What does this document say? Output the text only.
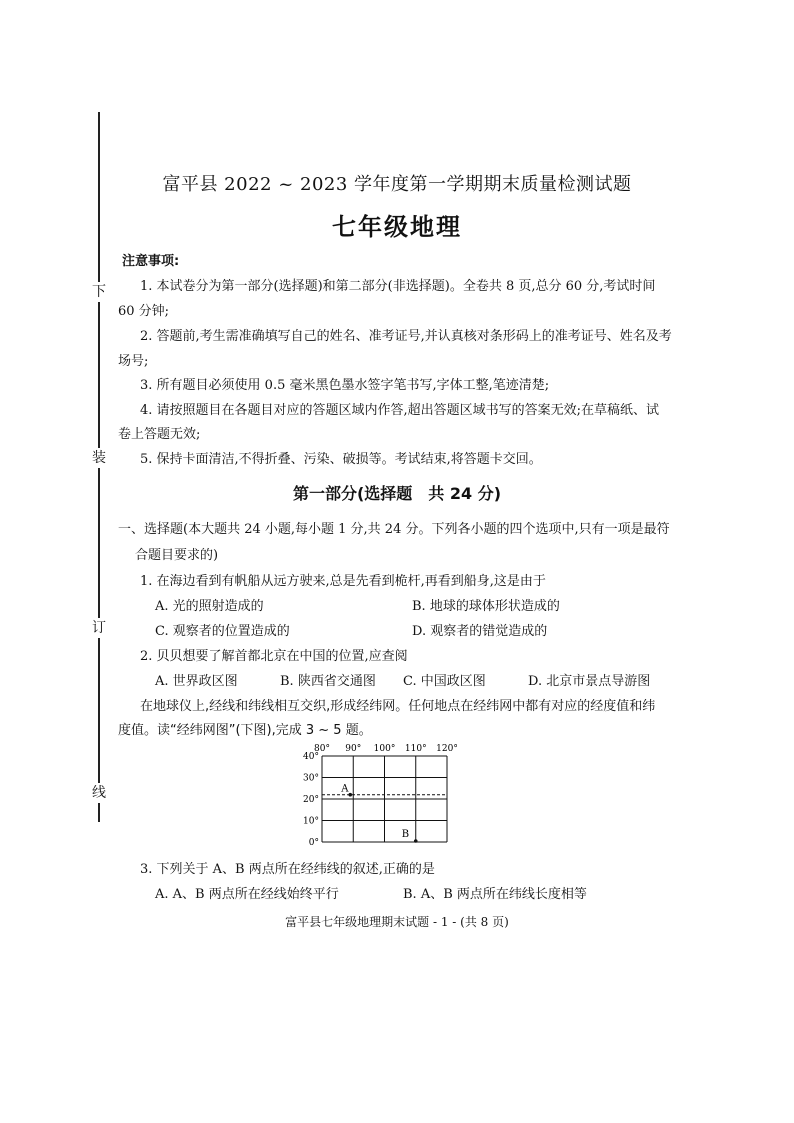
下
装
订
线
富平县 2022 ~ 2023 学年度第一学期期末质量检测试题
七年级地理
注意事项:
1. 本试卷分为第一部分(选择题)和第二部分(非选择题)。全卷共 8 页,总分 60 分,考试时间
60 分钟;
2. 答题前,考生需准确填写自己的姓名、准考证号,并认真核对条形码上的准考证号、姓名及考
场号;
3. 所有题目必须使用 0.5 毫米黑色墨水签字笔书写,字体工整,笔迹清楚;
4. 请按照题目在各题目对应的答题区域内作答,超出答题区域书写的答案无效;在草稿纸、试
卷上答题无效;
5. 保持卡面清洁,不得折叠、污染、破损等。考试结束,将答题卡交回。
第一部分(选择题　共 24 分)
一、选择题(本大题共 24 小题,每小题 1 分,共 24 分。下列各小题的四个选项中,只有一项是最符
合题目要求的)
1. 在海边看到有帆船从远方驶来,总是先看到桅杆,再看到船身,这是由于
A. 光的照射造成的	B. 地球的球体形状造成的
C. 观察者的位置造成的	D. 观察者的错觉造成的
2. 贝贝想要了解首都北京在中国的位置,应查阅
A. 世界政区图	B. 陕西省交通图 C. 中国政区图	D. 北京市景点导游图
在地球仪上,经线和纬线相互交织,形成经纬网。任何地点在经纬网中都有对应的经度值和纬
度值。读“经纬网图”(下图),完成 3 ~ 5 题。
80° 90° 100° 110° 120°
40°
30°
20°
10°
0°
A
B
3. 下列关于 A、B 两点所在经纬线的叙述,正确的是
A. A、B 两点所在经线始终平行	B. A、B 两点所在纬线长度相等
富平县七年级地理期末试题 - 1 - (共 8 页)
